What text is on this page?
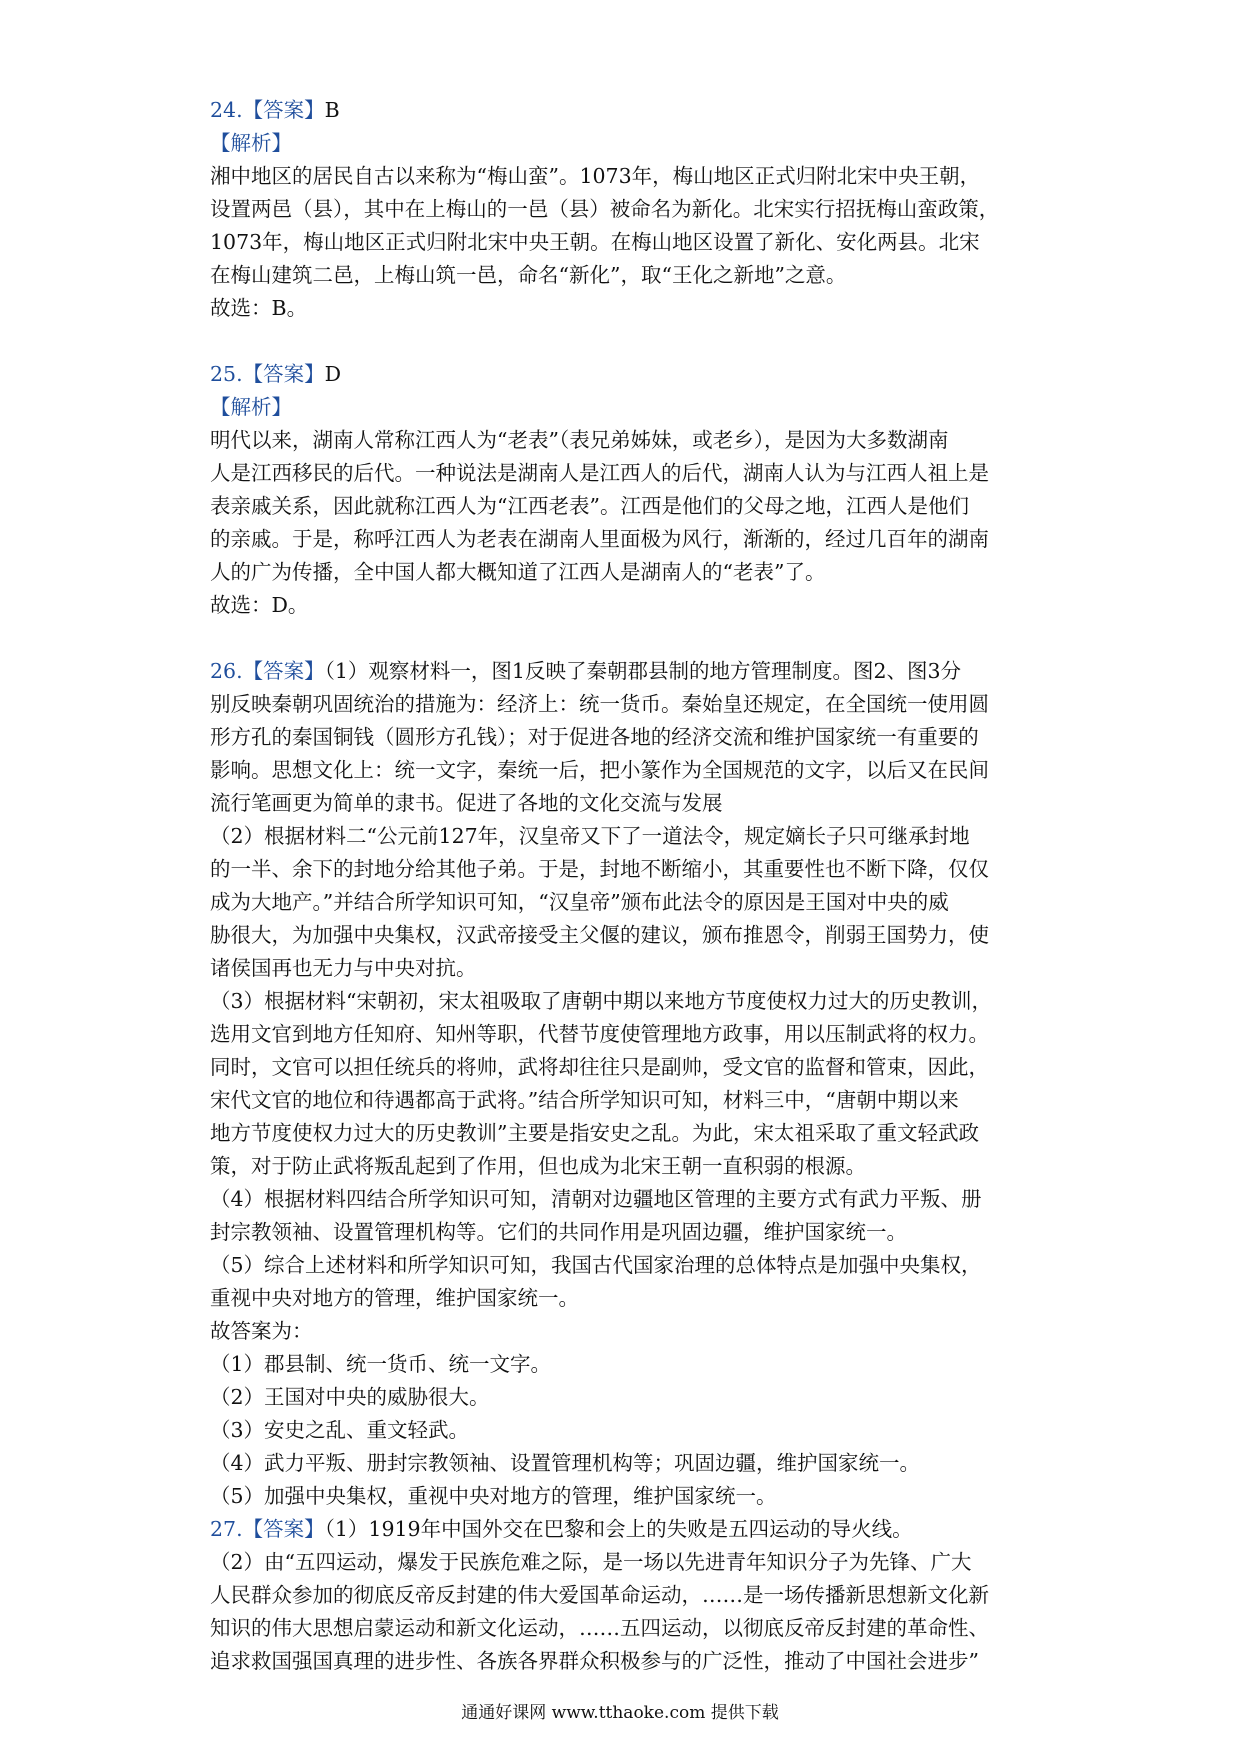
24.【答案】B

【解析】

湘中地区的居民自古以来称为“梅山蛮”。1073年，梅山地区正式归附北宋中央王朝，

设置两邑（县），其中在上梅山的一邑（县）被命名为新化。北宋实行招抚梅山蛮政策，

1073年，梅山地区正式归附北宋中央王朝。在梅山地区设置了新化、安化两县。北宋

在梅山建筑二邑，上梅山筑一邑，命名“新化”，取“王化之新地”之意。

故选：B。

25.【答案】D

【解析】

明代以来，湖南人常称江西人为“老表”（表兄弟姊妹，或老乡），是因为大多数湖南

人是江西移民的后代。一种说法是湖南人是江西人的后代，湖南人认为与江西人祖上是

表亲戚关系，因此就称江西人为“江西老表”。江西是他们的父母之地，江西人是他们

的亲戚。于是，称呼江西人为老表在湖南人里面极为风行，渐渐的，经过几百年的湖南

人的广为传播，全中国人都大概知道了江西人是湖南人的“老表”了。

故选：D。

26.【答案】（1）观察材料一，图1反映了秦朝郡县制的地方管理制度。图2、图3分

别反映秦朝巩固统治的措施为：经济上：统一货币。秦始皇还规定，在全国统一使用圆

形方孔的秦国铜钱（圆形方孔钱）；对于促进各地的经济交流和维护国家统一有重要的

影响。思想文化上：统一文字，秦统一后，把小篆作为全国规范的文字，以后又在民间

流行笔画更为简单的隶书。促进了各地的文化交流与发展

（2）根据材料二“公元前127年，汉皇帝又下了一道法令，规定嫡长子只可继承封地

的一半、余下的封地分给其他子弟。于是，封地不断缩小，其重要性也不断下降，仅仅

成为大地产。”并结合所学知识可知，“汉皇帝”颁布此法令的原因是王国对中央的威

胁很大，为加强中央集权，汉武帝接受主父偃的建议，颁布推恩令，削弱王国势力，使

诸侯国再也无力与中央对抗。

（3）根据材料“宋朝初，宋太祖吸取了唐朝中期以来地方节度使权力过大的历史教训，

选用文官到地方任知府、知州等职，代替节度使管理地方政事，用以压制武将的权力。

同时，文官可以担任统兵的将帅，武将却往往只是副帅，受文官的监督和管束，因此，

宋代文官的地位和待遇都高于武将。”结合所学知识可知，材料三中，“唐朝中期以来

地方节度使权力过大的历史教训”主要是指安史之乱。为此，宋太祖采取了重文轻武政

策，对于防止武将叛乱起到了作用，但也成为北宋王朝一直积弱的根源。

（4）根据材料四结合所学知识可知，清朝对边疆地区管理的主要方式有武力平叛、册

封宗教领袖、设置管理机构等。它们的共同作用是巩固边疆，维护国家统一。

（5）综合上述材料和所学知识可知，我国古代国家治理的总体特点是加强中央集权，

重视中央对地方的管理，维护国家统一。

故答案为：

（1）郡县制、统一货币、统一文字。

（2）王国对中央的威胁很大。

（3）安史之乱、重文轻武。

（4）武力平叛、册封宗教领袖、设置管理机构等；巩固边疆，维护国家统一。

（5）加强中央集权，重视中央对地方的管理，维护国家统一。

27.【答案】（1）1919年中国外交在巴黎和会上的失败是五四运动的导火线。

（2）由“五四运动，爆发于民族危难之际，是一场以先进青年知识分子为先锋、广大

人民群众参加的彻底反帝反封建的伟大爱国革命运动，……是一场传播新思想新文化新

知识的伟大思想启蒙运动和新文化运动，……五四运动，以彻底反帝反封建的革命性、

追求救国强国真理的进步性、各族各界群众积极参与的广泛性，推动了中国社会进步”

通通好课网 www.tthaoke.com 提供下载
